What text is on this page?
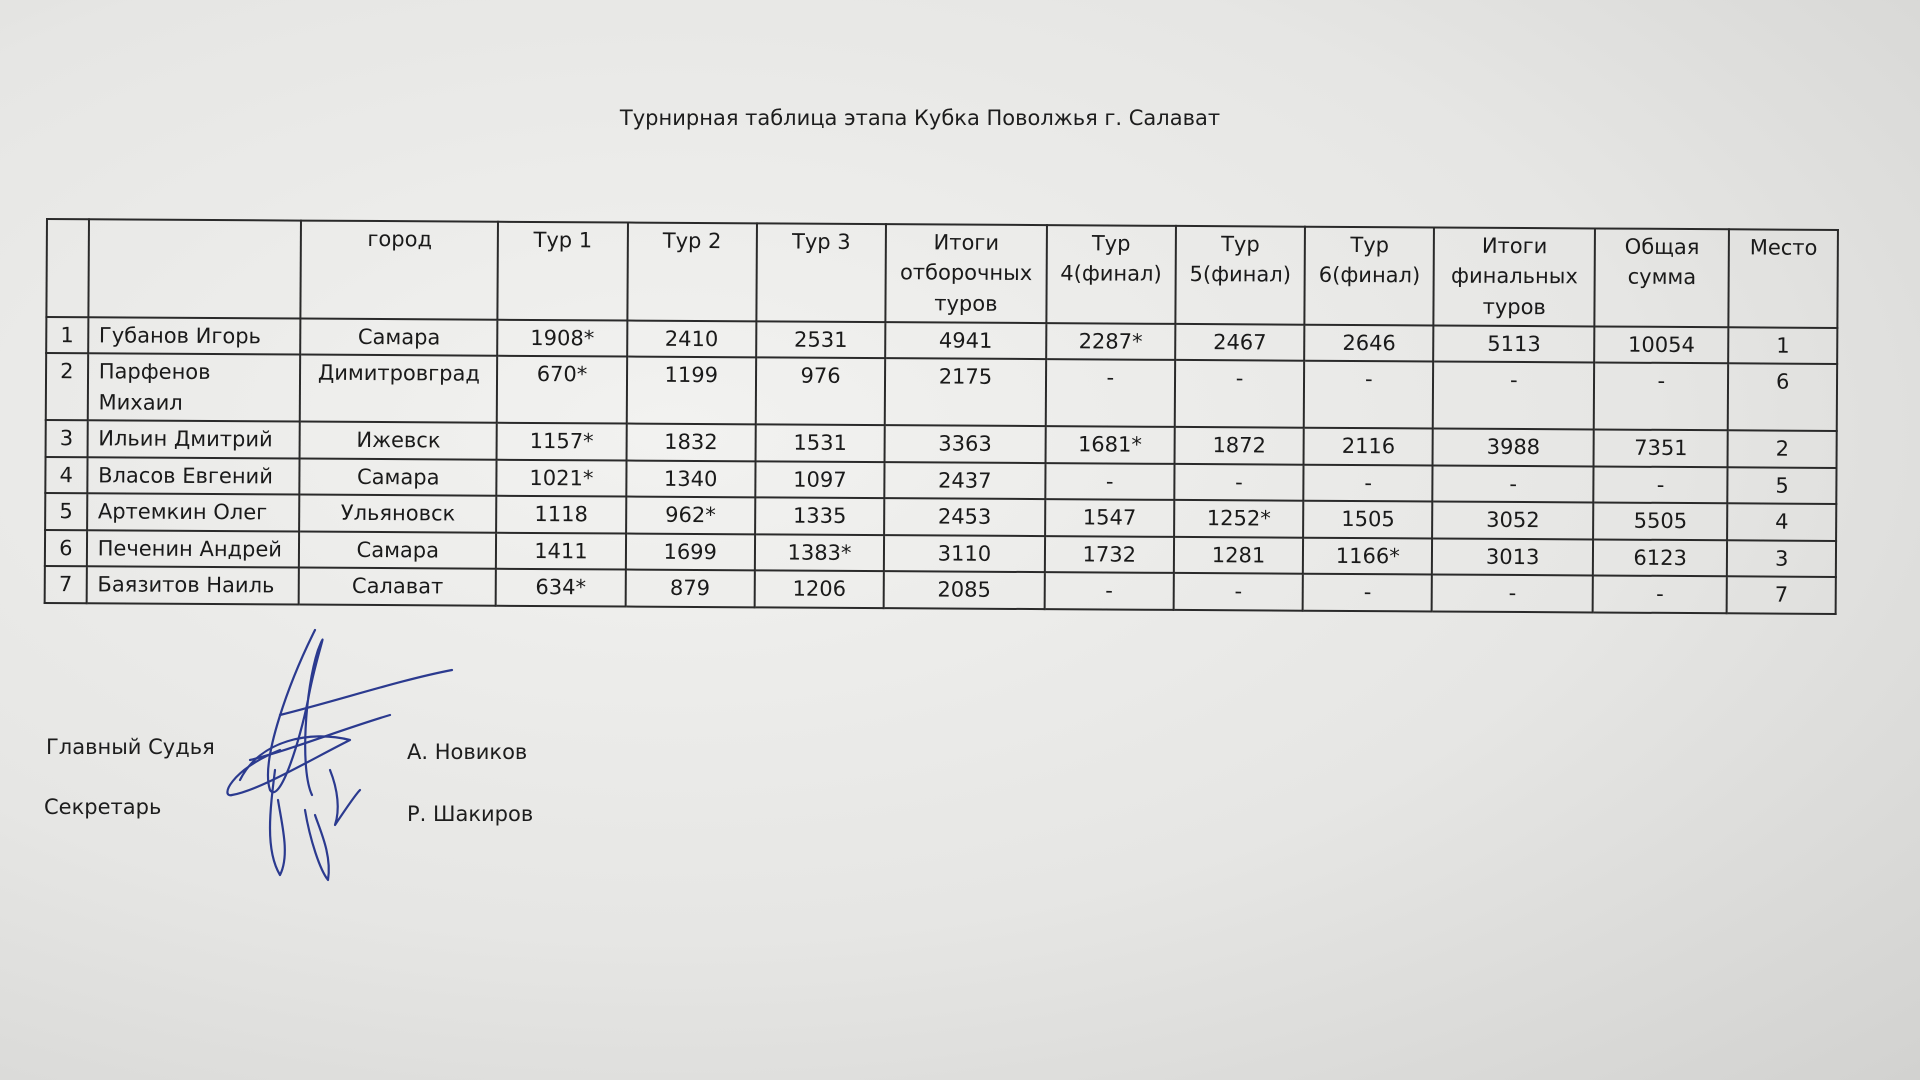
Турнирная таблица этапа Кубка Поволжья г. Салават
		город	Тур 1	Тур 2	Тур 3	Итоги
отборочных
туров	Тур
4(финал)	Тур
5(финал)	Тур
6(финал)	Итоги
финальных
туров	Общая
сумма	Место
1	Губанов Игорь	Самара	1908*	2410	2531	4941	2287*	2467	2646	5113	10054	1
2	Парфенов Михаил	Димитровград	670*	1199	976	2175	-	-	-	-	-	6
3	Ильин Дмитрий	Ижевск	1157*	1832	1531	3363	1681*	1872	2116	3988	7351	2
4	Власов Евгений	Самара	1021*	1340	1097	2437	-	-	-	-	-	5
5	Артемкин Олег	Ульяновск	1118	962*	1335	2453	1547	1252*	1505	3052	5505	4
6	Печенин Андрей	Самара	1411	1699	1383*	3110	1732	1281	1166*	3013	6123	3
7	Баязитов Наиль	Салават	634*	879	1206	2085	-	-	-	-	-	7
Главный Судья	А. Новиков
Секретарь	Р. Шакиров
